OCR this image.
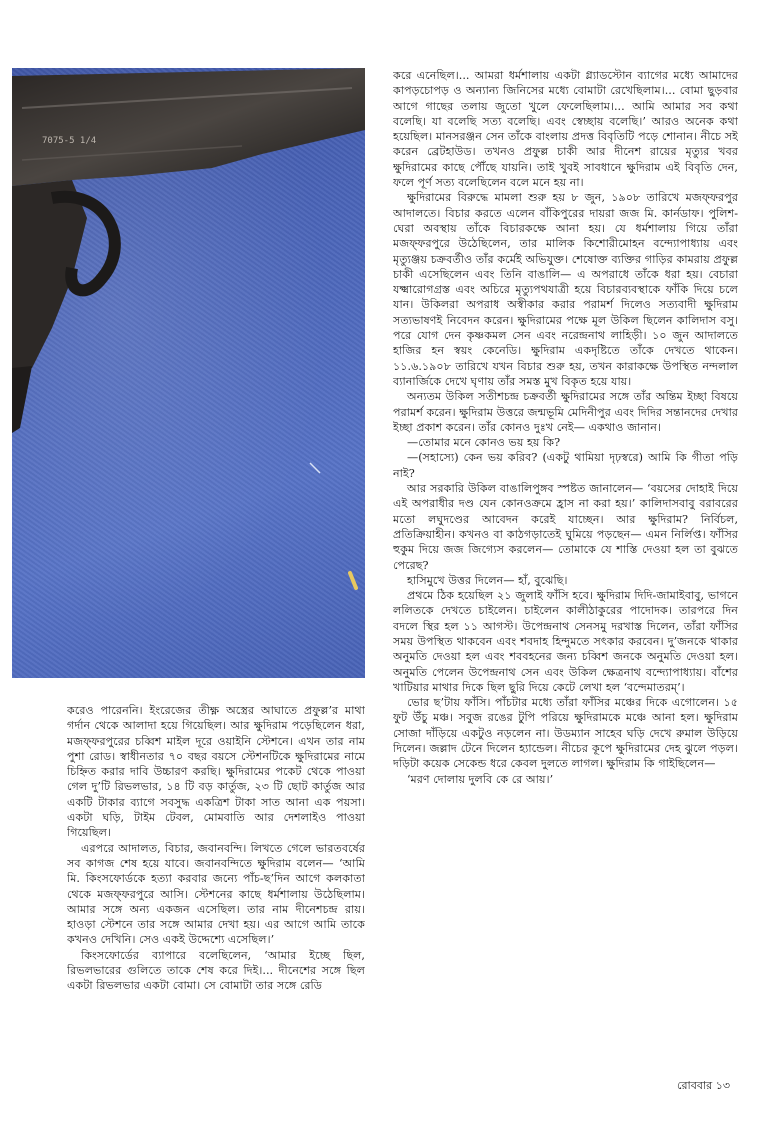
7075-5 1/4

করেও পারেননি। ইংরেজের তীক্ষ্ণ অস্ত্রের আঘাতে প্রফুল্ল’র মাথা গর্দান থেকে আলাদা হয়ে গিয়েছিল। আর ক্ষুদিরাম পড়েছিলেন ধরা, মজফ্‌ফরপুরের চব্বিশ মাইল দূরে ওয়াইনি স্টেশনে। এখন তার নাম পুশা রোড। স্বাধীনতার ৭০ বছর বয়সে স্টেশনটিকে ক্ষুদিরামের নামে চিহ্নিত করার দাবি উচ্চারণ করছি। ক্ষুদিরামের পকেট থেকে পাওয়া গেল দু’টি রিভলভার, ১৪ টি বড় কার্তুজ, ২৩ টি ছোট কার্তুজ আর একটি টাকার ব্যাগে সবসুদ্ধ একত্রিশ টাকা সাত আনা এক পয়সা। একটা ঘড়ি, টাইম টেবল, মোমবাতি আর দেশলাইও পাওয়া গিয়েছিল।

এরপরে আদালত, বিচার, জবানবন্দি। লিখতে গেলে ভারতবর্ষের সব কাগজ শেষ হয়ে যাবে। জবানবন্দিতে ক্ষুদিরাম বলেন— ‘আমি মি. কিংসফোর্ডকে হত্যা করবার জন্যে পাঁচ-ছ’দিন আগে কলকাতা থেকে মজফ্‌ফরপুরে আসি। স্টেশনের কাছে ধর্মশালায় উঠেছিলাম। আমার সঙ্গে অন্য একজন এসেছিল। তার নাম দীনেশচন্দ্র রায়। হাওড়া স্টেশনে তার সঙ্গে আমার দেখা হয়। এর আগে আমি তাকে কখনও দেখিনি। সেও একই উদ্দেশ্যে এসেছিল।’

কিংসফোর্ডের ব্যাপারে বলেছিলেন, ‘আমার ইচ্ছে ছিল, রিভলভারের গুলিতে তাকে শেষ করে দিই।... দীনেশের সঙ্গে ছিল একটা রিভলভার একটা বোমা। সে বোমাটা তার সঙ্গে রেডি

করে এনেছিল।... আমরা ধর্মশালায় একটা গ্ল্যাডস্টোন ব্যাগের মধ্যে আমাদের কাপড়চোপড় ও অন্যান্য জিনিসের মধ্যে বোমাটা রেখেছিলাম।... বোমা ছুড়বার আগে গাছের তলায় জুতো খুলে ফেলেছিলাম।... আমি আমার সব কথা বলেছি। যা বলেছি সত্য বলেছি। এবং স্বেচ্ছায় বলেছি।’ আরও অনেক কথা হয়েছিল। মানসরঞ্জন সেন তাঁকে বাংলায় প্রদত্ত বিবৃতিটি পড়ে শোনান। নীচে সই করেন ব্রেটহাউড। তখনও প্রফুল্ল চাকী আর দীনেশ রায়ের মৃত্যুর খবর ক্ষুদিরামের কাছে পৌঁছে যায়নি। তাই খুবই সাবধানে ক্ষুদিরাম এই বিবৃতি দেন, ফলে পূর্ণ সত্য বলেছিলেন বলে মনে হয় না।

ক্ষুদিরামের বিরুদ্ধে মামলা শুরু হয় ৮ জুন, ১৯০৮ তারিখে মজফ্‌ফরপুর আদালতে। বিচার করতে এলেন বাঁকিপুরের দায়রা জজ মি. কার্নডাফ। পুলিশ-ঘেরা অবস্থায় তাঁকে বিচারকক্ষে আনা হয়। যে ধর্মশালায় গিয়ে তাঁরা মজফ্‌ফরপুরে উঠেছিলেন, তার মালিক কিশোরীমোহন বন্দ্যোপাধ্যায় এবং মৃত্যুঞ্জয় চক্রবর্তীও তাঁর কর্মেই অভিযুক্ত। শেষোক্ত ব্যক্তির গাড়ির কামরায় প্রফুল্ল চাকী এসেছিলেন এবং তিনি বাঙালি— এ অপরাধে তাঁকে ধরা হয়। বেচারা যক্ষ্মারোগগ্রস্ত এবং অচিরে মৃত্যুপথযাত্রী হয়ে বিচারব্যবস্থাকে ফাঁকি দিয়ে চলে যান। উকিলরা অপরাধ অস্বীকার করার পরামর্শ দিলেও সত্যবাদী ক্ষুদিরাম সত্যভাষণই নিবেদন করেন। ক্ষুদিরামের পক্ষে মূল উকিল ছিলেন কালিদাস বসু। পরে যোগ দেন কৃষ্ণকমল সেন এবং নরেন্দ্রনাথ লাহিড়ী। ১০ জুন আদালতে হাজির হন স্বয়ং কেনেডি। ক্ষুদিরাম একদৃষ্টিতে তাঁকে দেখতে থাকেন। ১১.৬.১৯০৮ তারিখে যখন বিচার শুরু হয়, তখন কারাকক্ষে উপস্থিত নন্দলাল ব্যানার্জিকে দেখে ঘৃণায় তাঁর সমস্ত মুখ বিকৃত হয়ে যায়।

অন্যতম উকিল সতীশচন্দ্র চক্রবর্তী ক্ষুদিরামের সঙ্গে তাঁর অন্তিম ইচ্ছা বিষয়ে পরামর্শ করেন। ক্ষুদিরাম উত্তরে জন্মভূমি মেদিনীপুর এবং দিদির সন্তানদের দেখার ইচ্ছা প্রকাশ করেন। তাঁর কোনও দুঃখ নেই— একথাও জানান।

—তোমার মনে কোনও ভয় হয় কি?

—(সহাস্যে) কেন ভয় করিব? (একটু থামিয়া দৃঢ়স্বরে) আমি কি গীতা পড়ি নাই?

আর সরকারি উকিল বাঙালিপুঙ্গব স্পষ্টত জানালেন— ‘বয়সের দোহাই দিয়ে এই অপরাধীর দণ্ড যেন কোনওক্রমে হ্রাস না করা হয়।’ কালিদাসবাবু বরাবরের মতো লঘুদণ্ডের আবেদন করেই যাচ্ছেন। আর ক্ষুদিরাম? নির্বিচল, প্রতিক্রিয়াহীন। কখনও বা কাঠগড়াতেই ঘুমিয়ে পড়ছেন— এমন নির্লিপ্ত। ফাঁসির হুকুম দিয়ে জজ জিগ্যেস করলেন— তোমাকে যে শাস্তি দেওয়া হল তা বুঝতে পেরেছ?

হাসিমুখে উত্তর দিলেন— হাঁ, বুঝেছি।

প্রথমে ঠিক হয়েছিল ২১ জুলাই ফাঁসি হবে। ক্ষুদিরাম দিদি-জামাইবাবু, ভাগনে ললিতকে দেখতে চাইলেন। চাইলেন কালীঠাকুরের পাদোদক। তারপরে দিন বদলে স্থির হল ১১ আগস্ট। উপেন্দ্রনাথ সেনসমু দরখাস্ত দিলেন, তাঁরা ফাঁসির সময় উপস্থিত থাকবেন এবং শবদাহ হিন্দুমতে সৎকার করবেন। দু’জনকে থাকার অনুমতি দেওয়া হল এবং শববহনের জন্য চব্বিশ জনকে অনুমতি দেওয়া হল। অনুমতি পেলেন উপেন্দ্রনাথ সেন এবং উকিল ক্ষেত্রনাথ বন্দ্যোপাধ্যায়। বাঁশের খাটিয়ার মাথার দিকে ছিল ছুরি দিয়ে কেটে লেখা হল ‘বন্দেমাতরম্‌’।

ভোর ছ’টায় ফাঁসি। পাঁচটার মধ্যে তাঁরা ফাঁসির মঞ্চের দিকে এগোলেন। ১৫ ফুট উঁচু মঞ্চ। সবুজ রঙের টুপি পরিয়ে ক্ষুদিরামকে মঞ্চে আনা হল। ক্ষুদিরাম সোজা দাঁড়িয়ে একটুও নড়লেন না। উডম্যান সাহেব ঘড়ি দেখে রুমাল উড়িয়ে দিলেন। জল্লাদ টেনে দিলেন হ্যান্ডেল। নীচের কূপে ক্ষুদিরামের দেহ ঝুলে পড়ল। দড়িটা কয়েক সেকেন্ড ধরে কেবল দুলতে লাগল। ক্ষুদিরাম কি গাইছিলেন—

‘মরণ দোলায় দুলবি কে রে আয়।’

রোববার ১৩
